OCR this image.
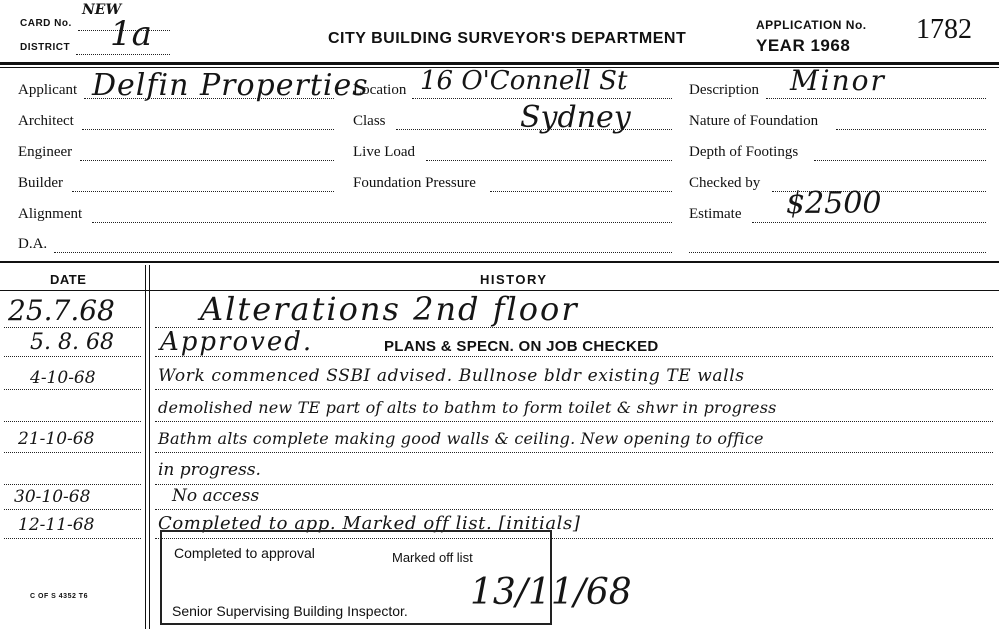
CARD No.
NEW
1a
DISTRICT
CITY BUILDING SURVEYOR'S DEPARTMENT
APPLICATION No.
YEAR 1968
1782
Applicant Delfin Properties
Architect
Engineer
Builder
Alignment
D.A.
Location 16 O'Connell St
Class	Sydney
Live Load
Foundation Pressure
Description Minor
Nature of Foundation
Depth of Footings
Checked by
Estimate $2500
DATE	HISTORY
25.7.68	Alterations 2nd floor
5. 8. 68 Approved.	PLANS & SPECN. ON JOB CHECKED
4-10-68	Work commenced SSBI advised. Bullnose bldr existing TE walls
demolished new TE part of alts to bathm to form toilet & shwr in progress
21-10-68	Bathm alts complete making good walls & ceiling. New opening to office
in progress.
30-10-68	No access
12-11-68	Completed to app. Marked off list. [initials]
Completed to approval	Marked off list
Senior Supervising Building Inspector. 13/11/68
C OF S 4352 T6
